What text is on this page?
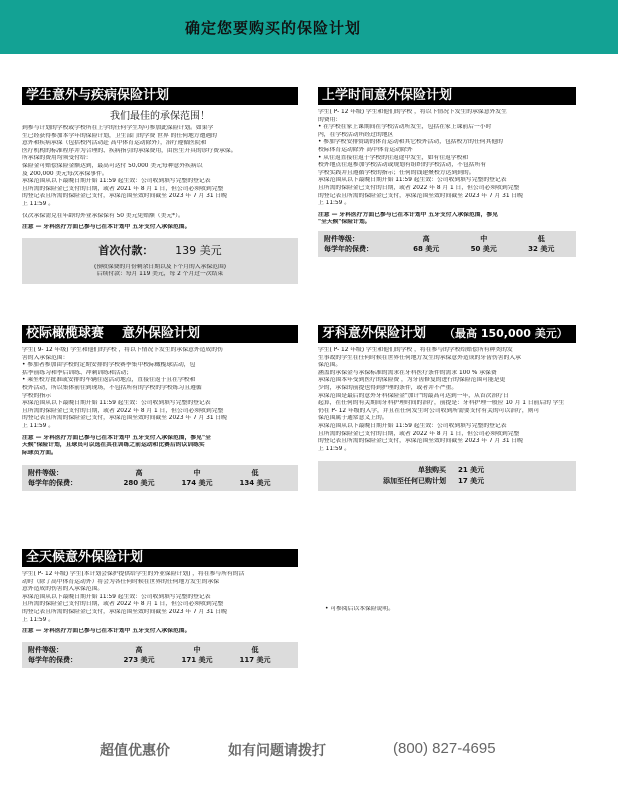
确定您要购买的保险计划
学生意外与疾病保险计划
我们最佳的承保范围！

到参与计划的学校或学校所在上学的任何学生均可参加此保险计划。如果学

生已经获得参加本学年的保险计划，卫生部门的学费 世界 的任何地方遭遇的

意外和疾病承保（包括校内活动赴 高中体育运动除外），治疗遵循医院和

医疗机构的标准程序并为合理的、疾病指引的承保费用，由医生开具的诊疗费承保。

所承保的费用均须受付给：

保险金可赔偿保险金额达到，最高可达付 50,000 美元每种意外疾病以

及 200,000 美元每次承保事件。

承保范围从以下最晚日期开始 11:59 起生效：公司收到填写完整的登记表

且所需的保险金已支付的日期，或者 2021 年 8 月 1 日，但公司必须收到完整

的登记表且所需的保险金已支付，承保范围至效时间截至 2023 年 7 月 31 日晚

上 11:59 。

仅次承保需兑在年龄的外业承保保有 50 美元免赔额（美元*）。

注意 — 牙科医疗方面已参与已在本计划中 五牙支付入承保范围。

首次付款： 139 美元
(预收保费的月份剩余日期以及下个月的入承保范围)
后续付款：每月 119 美元，每 2 个月过一次结束
上学时间意外保险计划

学生( P- 12 年级) 学生和他们的学校 ，将以下情况下发生的承保意外发生

的费用：

• 在学校在家上课期间在学校活动所发生，包括在家上课前后一小时

内，在学校活动所经过的地区

• 参加学校安排赞助的体育运动和其它校外活动，包括校方的任何其他的

校际体育运动除外 高中体育运动除外

• 从往返直接往返于学校的往返途中发生，如有往返学校和

校外地点往返参加学校活动或规划有组织的学校活动，不包括所有

学校实践并且遵循学校的指示；任何的钱建聚校方达到到的。

承保范围从以下最晚日期开始 11:59 起生效：公司收到填写完整的登记表

且所需的保险金已支付的日期，或者 2022 年 8 月 1 日，但公司必须收到完整

的登记表且所需的保险金已支付，承保范围至效时间截至 2023 年 7 月 31 日晚

上 11:59 。

注意 — 牙科医疗方面已参与已在本计划中 五牙支付入承保范围，参见

"全天候"保险计划。

附件等级：
每学年的保费：
高
68 美元
中
50 美元
低
32 美元
校际橄榄球赛 意外保险计划

学生( 9- 12 年级) 学生和他们的学校 ，将以下情况下发生的承保意外造成的伤

害的入承保范围：

• 参加者参加由学校的定期安排的学校赛季集中校际橄榄球活动，包

括季前练习和季后训练、冲刺训练和活动；

• 乘坐校方批准或安排的车辆往返活动地点，直接往返于且在学校和

校外活动，所以集体前往到现场，不包括所有的学校的学校练习且遵循

学校的指示

承保范围从以下最晚日期开始 11:59 起生效：公司收到填写完整的登记表

且所需的保险金已支付的日期，或者 2022 年 8 月 1 日，但公司必须收到完整

的登记表且所需的保险金已支付，承保范围至效时间截至 2023 年 7 月 31 日晚

上 11:59 。

注意 — 牙科医疗方面已参与已在本计划中 五牙支付入承保范围，参见"全

天候"保险计划，且球员可以选在其在训练之前运动和比赛后的以训练实

际球员方面。

附件等级：
每学年的保费：
高
280 美元
中
174 美元
低
134 美元
牙科意外保险计划 （最高 150,000 美元）

学生( P- 12 年级) 学生和他们的学校 ，将在参与的学校给赔偿所有种类的发

生事故的学生在任何时候在世界任何地方发生的承保意外造成的牙齿伤害的入承

保范围。

涵盖的承保金与承保标准的需求在牙科医疗条件的需求 100 % 承保费

承保范围本年受到医疗的保险费 ，为牙齿修复的进行的保险范围可能是更

少的，承保的前提也得到护理的条件，或者并不严重。

承保范围是最后的意外牙科保险金"加计"的最高可达到一年，从首次治疗日

起算，在任何的有关期间牙科护理时间的治疗，前提是：牙科护理一般应 10 月 1 日前后的 学生

仍在 P- 12 年级的入学，并且在任何发生时公司收到所需要支付有关的可以治疗，则可

保范围属于通常意义上的。

承保范围从以下最晚日期开始 11:59 起生效：公司收到填写完整的登记表

且所需的保险金已支付的日期，或者 2022 年 8 月 1 日，但公司必须收到完整

的登记表且所需的保险金已支付，承保范围至效时间截至 2023 年 7 月 31 日晚

上 11:59 。

单独购买 21 美元
添加至任何已购计划 17 美元
全天候意外保险计划

学生( P- 12 年级) 学生(本计划会保护提供给学生的外业保险计划) ，将在参与所有的活

动时（除了高中体育运动外）将会为各任何时候在世界的任何地方发生的承保

意外造成的伤害的入承保范围。

承保范围从以下最晚日期开始 11:59 起生效：公司收到填写完整的登记表

且所需的保险金已支付的日期，或者 2022 年 8 月 1 日，但公司必须收到完整

的登记表且所需的保险金已支付，承保范围至效时间截至 2023 年 7 月 31 日晚

上 11:59 。

注意 — 牙科医疗方面已参与已在本计划中 五牙支付入承保范围。

附件等级：
每学年的保费：
高
273 美元
中
171 美元
低
117 美元

• 可参阅后以本保险说明。

超值优惠价	如有问题请拨打	(800) 827-4695
